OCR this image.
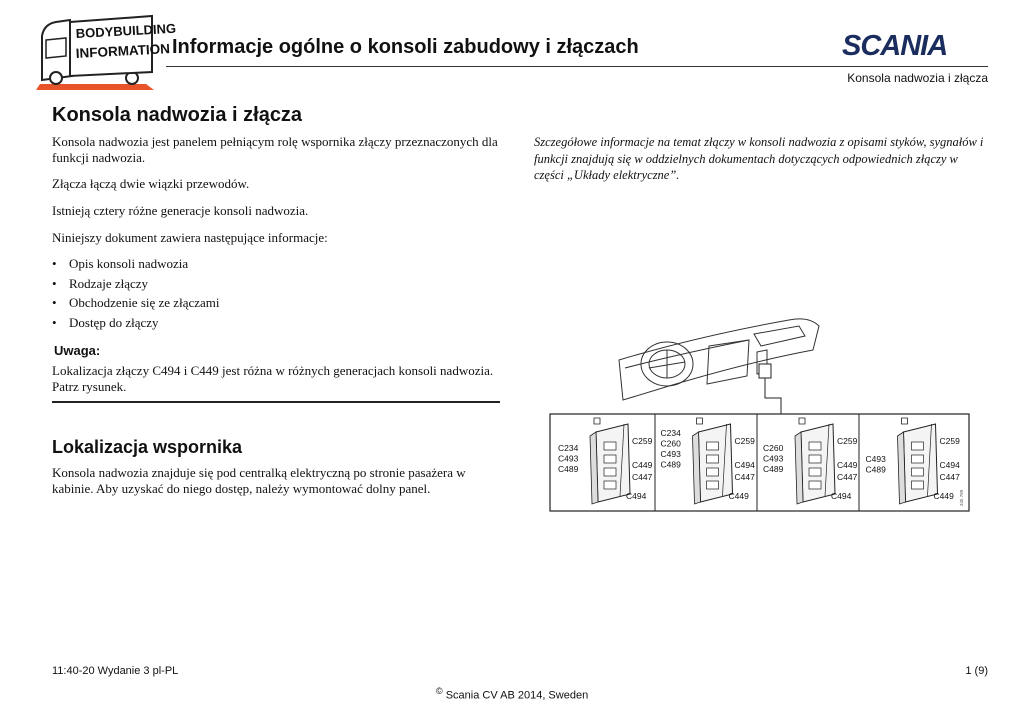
BODYBUILDING
INFORMATION Informacje ogólne o konsoli zabudowy i złączach	SCANIA
Konsola nadwozia i złącza
Konsola nadwozia i złącza
Konsola nadwozia jest panelem pełniącym rolę wspornika złączy przeznaczonych dla funkcji nadwozia.
Złącza łączą dwie wiązki przewodów.
Istnieją cztery różne generacje konsoli nadwozia.
Niniejszy dokument zawiera następujące informacje:
• Opis konsoli nadwozia
• Rodzaje złączy
• Obchodzenie się ze złączami
• Dostęp do złączy
Uwaga:
Lokalizacja złączy C494 i C449 jest różna w różnych generacjach konsoli nadwozia. Patrz rysunek.
Lokalizacja wspornika
Konsola nadwozia znajduje się pod centralką elektryczną po stronie pasażera w kabinie. Aby uzyskać do niego dostęp, należy wymontować dolny panel.
Szczegółowe informacje na temat złączy w konsoli nadwozia z opisami styków, sygnałów i funkcji znajdują się w oddzielnych dokumentach dotyczących odpowiednich złączy w części „Układy elektryczne”.
C234
C493
C489
C259
C449
C447
C494
C234
C260
C493
C489
C259
C494
C447
C449
C260
C493
C489
C259
C449
C447
C494
C493
C489
C259
C494
C447
C449 345 789
11:40-20 Wydanie 3 pl-PL	1 (9)
© Scania CV AB 2014, Sweden
